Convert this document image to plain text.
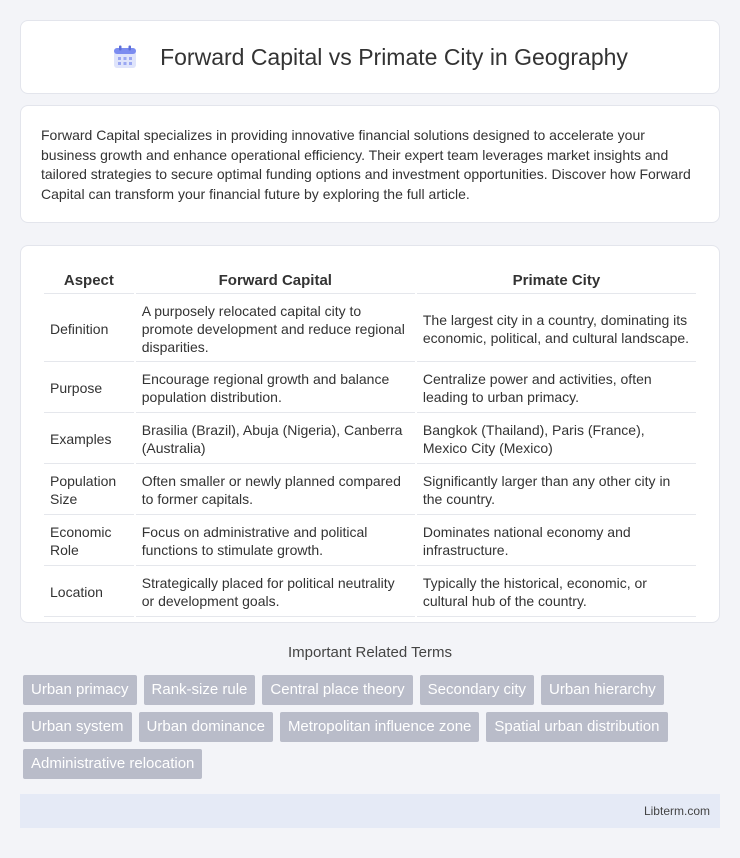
Forward Capital vs Primate City in Geography

Forward Capital specializes in providing innovative financial solutions designed to accelerate your business growth and enhance operational efficiency. Their expert team leverages market insights and tailored strategies to secure optimal funding options and investment opportunities. Discover how Forward Capital can transform your financial future by exploring the full article.

Aspect	Forward Capital	Primate City
Definition	A purposely relocated capital city to promote development and reduce regional disparities.	The largest city in a country, dominating its economic, political, and cultural landscape.
Purpose	Encourage regional growth and balance population distribution.	Centralize power and activities, often leading to urban primacy.
Examples	Brasilia (Brazil), Abuja (Nigeria), Canberra (Australia)	Bangkok (Thailand), Paris (France), Mexico City (Mexico)
Population Size	Often smaller or newly planned compared to former capitals.	Significantly larger than any other city in the country.
Economic Role	Focus on administrative and political functions to stimulate growth.	Dominates national economy and infrastructure.
Location	Strategically placed for political neutrality or development goals.	Typically the historical, economic, or cultural hub of the country.
Important Related Terms
Urban primacy	Rank-size rule	Central place theory	Secondary city	Urban hierarchy
Urban system	Urban dominance	Metropolitan influence zone	Spatial urban distribution
Administrative relocation
Libterm.com
